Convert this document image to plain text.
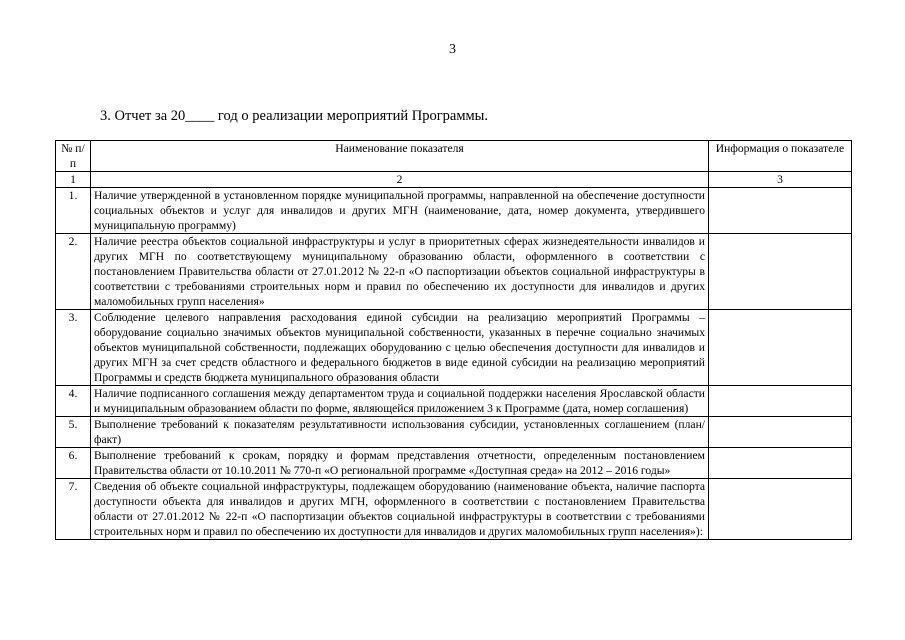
3
3. Отчет за 20____ год о реализации мероприятий Программы.
№ п/п	Наименование показателя	Информация о показателе
1	2	3
1.	Наличие утвержденной в установленном порядке муниципальной программы, направленной на обеспечение доступности социальных объектов и услуг для инвалидов и других МГН (наименование, дата, номер документа, утвердившего муниципальную программу)	
2.	Наличие реестра объектов социальной инфраструктуры и услуг в приоритетных сферах жизнедеятельности инвалидов и других МГН по соответствующему муниципальному образованию области, оформленного в соответствии с постановлением Правительства области от 27.01.2012 № 22-п «О паспортизации объектов социальной инфраструктуры в соответствии с требованиями строительных норм и правил по обеспечению их доступности для инвалидов и других маломобильных групп населения»	
3.	Соблюдение целевого направления расходования единой субсидии на реализацию мероприятий Программы – оборудование социально значимых объектов муниципальной собственности, указанных в перечне социально значимых объектов муниципальной собственности, подлежащих оборудованию с целью обеспечения доступности для инвалидов и других МГН за счет средств областного и федерального бюджетов в виде единой субсидии на реализацию мероприятий Программы и средств бюджета муниципального образования области	
4.	Наличие подписанного соглашения между департаментом труда и социальной поддержки населения Ярославской области и муниципальным образованием области по форме, являющейся приложением 3 к Программе (дата, номер соглашения)	
5.	Выполнение требований к показателям результативности использования субсидии, установленных соглашением (план/ факт)	
6.	Выполнение требований к срокам, порядку и формам представления отчетности, определенным постановлением Правительства области от 10.10.2011 № 770-п «О региональной программе «Доступная среда» на 2012 – 2016 годы»	
7.	Сведения об объекте социальной инфраструктуры, подлежащем оборудованию (наименование объекта, наличие паспорта доступности объекта для инвалидов и других МГН, оформленного в соответствии с постановлением Правительства области от 27.01.2012 № 22-п «О паспортизации объектов социальной инфраструктуры в соответствии с требованиями строительных норм и правил по обеспечению их доступности для инвалидов и других маломобильных групп населения»):	
